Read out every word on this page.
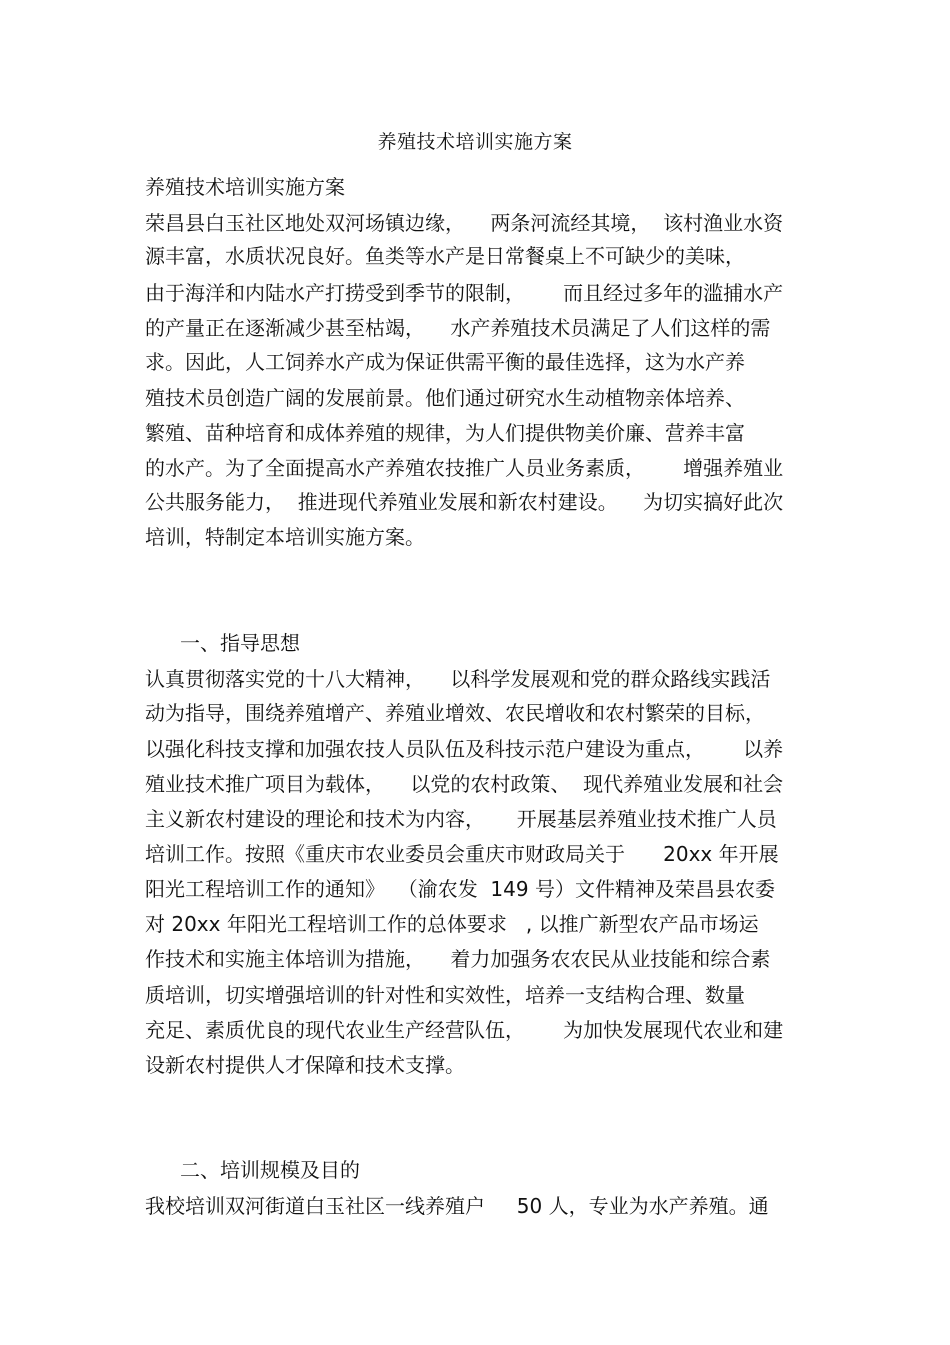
养殖技术培训实施方案
养殖技术培训实施方案
荣昌县白玉社区地处双河场镇边缘，    两条河流经其境，  该村渔业水资
源丰富，水质状况良好。鱼类等水产是日常餐桌上不可缺少的美味，
由于海洋和内陆水产打捞受到季节的限制，      而且经过多年的滥捕水产
的产量正在逐渐减少甚至枯竭，    水产养殖技术员满足了人们这样的需
求。因此，人工饲养水产成为保证供需平衡的最佳选择，这为水产养
殖技术员创造广阔的发展前景。他们通过研究水生动植物亲体培养、
繁殖、苗种培育和成体养殖的规律，为人们提供物美价廉、营养丰富
的水产。为了全面提高水产养殖农技推广人员业务素质，      增强养殖业
公共服务能力，  推进现代养殖业发展和新农村建设。    为切实搞好此次
培训，特制定本培训实施方案。
一、指导思想
认真贯彻落实党的十八大精神，    以科学发展观和党的群众路线实践活
动为指导，围绕养殖增产、养殖业增效、农民增收和农村繁荣的目标，
以强化科技支撑和加强农技人员队伍及科技示范户建设为重点，      以养
殖业技术推广项目为载体，    以党的农村政策、  现代养殖业发展和社会
主义新农村建设的理论和技术为内容，     开展基层养殖业技术推广人员
培训工作。按照《重庆市农业委员会重庆市财政局关于      20xx 年开展
阳光工程培训工作的通知》  （渝农发  149 号）文件精神及荣昌县农委
对 20xx 年阳光工程培训工作的总体要求   , 以推广新型农产品市场运
作技术和实施主体培训为措施，    着力加强务农农民从业技能和综合素
质培训，切实增强培训的针对性和实效性，培养一支结构合理、数量
充足、素质优良的现代农业生产经营队伍，      为加快发展现代农业和建
设新农村提供人才保障和技术支撑。
二、培训规模及目的
我校培训双河街道白玉社区一线养殖户     50 人，专业为水产养殖。通
